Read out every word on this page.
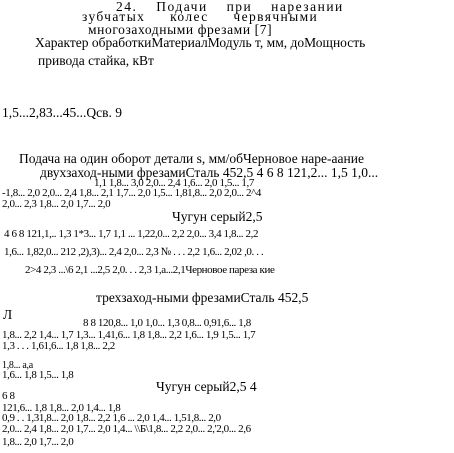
24. Подачи при нарезании
зубчатых колес червячными
многозаходными фрезами [7]
Характер обработкиМатериалМодуль т, мм, доМощность
привода стайка, кВт
1,5...2,83...45...Qсв. 9
Подача на один оборот детали s, мм/обЧерновое наре-аание
двухзаход-ными фрезамиСталь 452,5 4 6 8 121,2... 1,5 1,0...
1,1 1,8... 3,0 2,0... 2,4 1,6... 2,0 1,5... 1,7
-1,8... 2,0 2,0... 2,4 1,8... 2,1 1,7... 2,0 1,5... 1,81,8... 2,0 2,0... 2^4
2,0... 2,3 1,8... 2,0 1,7... 2,0
Чугун серый2,5
4 6 8 121,1,.. 1,3 1*3... 1,7 1,1 ... 1,22,0... 2,2 2,0... 3,4 1,8... 2,2
1,6... 1,82,0... 212 ,2),3)... 2,4 2,0... 2,3 № . . . 2,2 1,6... 2,02 ,0. . .
2>4 2,3 ...\6 2,1 ...2,5 2,0. . . 2,3 1,а...2,1Черновое пареза кие
трехзаход-ными фрезамиСталь 452,5
Л
8 8 120,8... 1,0 1,0... 1,3 0,8... 0,91,6... 1,8
1,8... 2,2 1,4... 1,7 1,3... 1,41,6... 1,8 1,8... 2,2 1,6... 1,9 1,5... 1,7
1,3 . . . 1,61,6... 1,8 1,8... 2,2
1,8... а,а
1,6... 1,8 1,5... 1,8
Чугун серый2,5 4
6 8
121,6... 1,8 1,8... 2,0 1,4... 1,8
0,9 . . 1,31,8... 2,0 1,8... 2,2 1,6 ... 2,0 1,4... 1,51,8... 2,0
2,0... 2,4 1,8... 2,0 1,7... 2,0 1,4... \\Б\1,8... 2,2 2,0... 2,'2,0... 2,6
1,8... 2,0 1,7... 2,0
